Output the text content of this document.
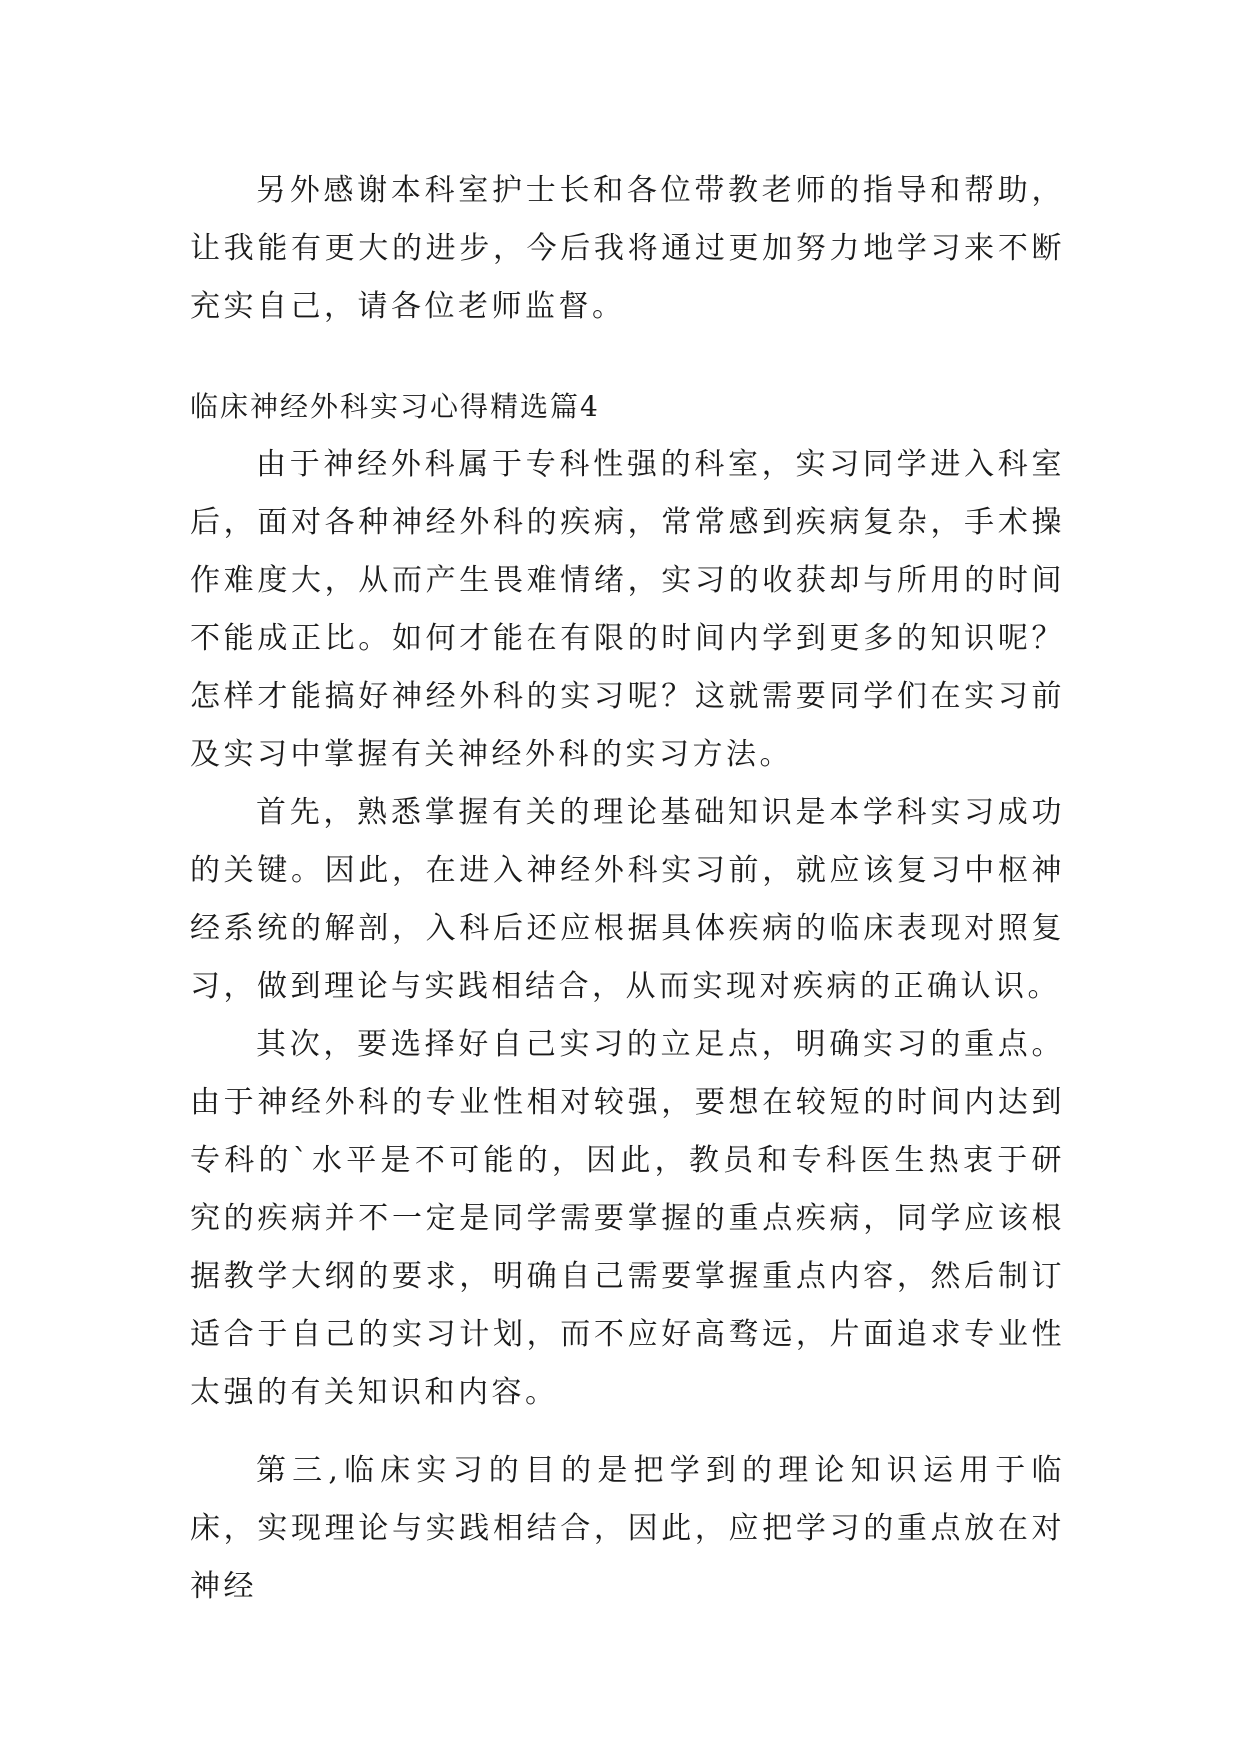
另外感谢本科室护士长和各位带教老师的指导和帮助，让我能有更大的进步，今后我将通过更加努力地学习来不断充实自己，请各位老师监督。

临床神经外科实习心得精选篇4

由于神经外科属于专科性强的科室，实习同学进入科室后，面对各种神经外科的疾病，常常感到疾病复杂，手术操作难度大，从而产生畏难情绪，实习的收获却与所用的时间不能成正比。如何才能在有限的时间内学到更多的知识呢？怎样才能搞好神经外科的实习呢？这就需要同学们在实习前及实习中掌握有关神经外科的实习方法。

首先，熟悉掌握有关的理论基础知识是本学科实习成功的关键。因此，在进入神经外科实习前，就应该复习中枢神经系统的解剖，入科后还应根据具体疾病的临床表现对照复习，做到理论与实践相结合，从而实现对疾病的正确认识。

其次，要选择好自己实习的立足点，明确实习的重点。由于神经外科的专业性相对较强，要想在较短的时间内达到专科的`水平是不可能的，因此，教员和专科医生热衷于研究的疾病并不一定是同学需要掌握的重点疾病，同学应该根据教学大纲的要求，明确自己需要掌握重点内容，然后制订适合于自己的实习计划，而不应好高骛远，片面追求专业性太强的有关知识和内容。

第三,临床实习的目的是把学到的理论知识运用于临床，实现理论与实践相结合，因此，应把学习的重点放在对神经
